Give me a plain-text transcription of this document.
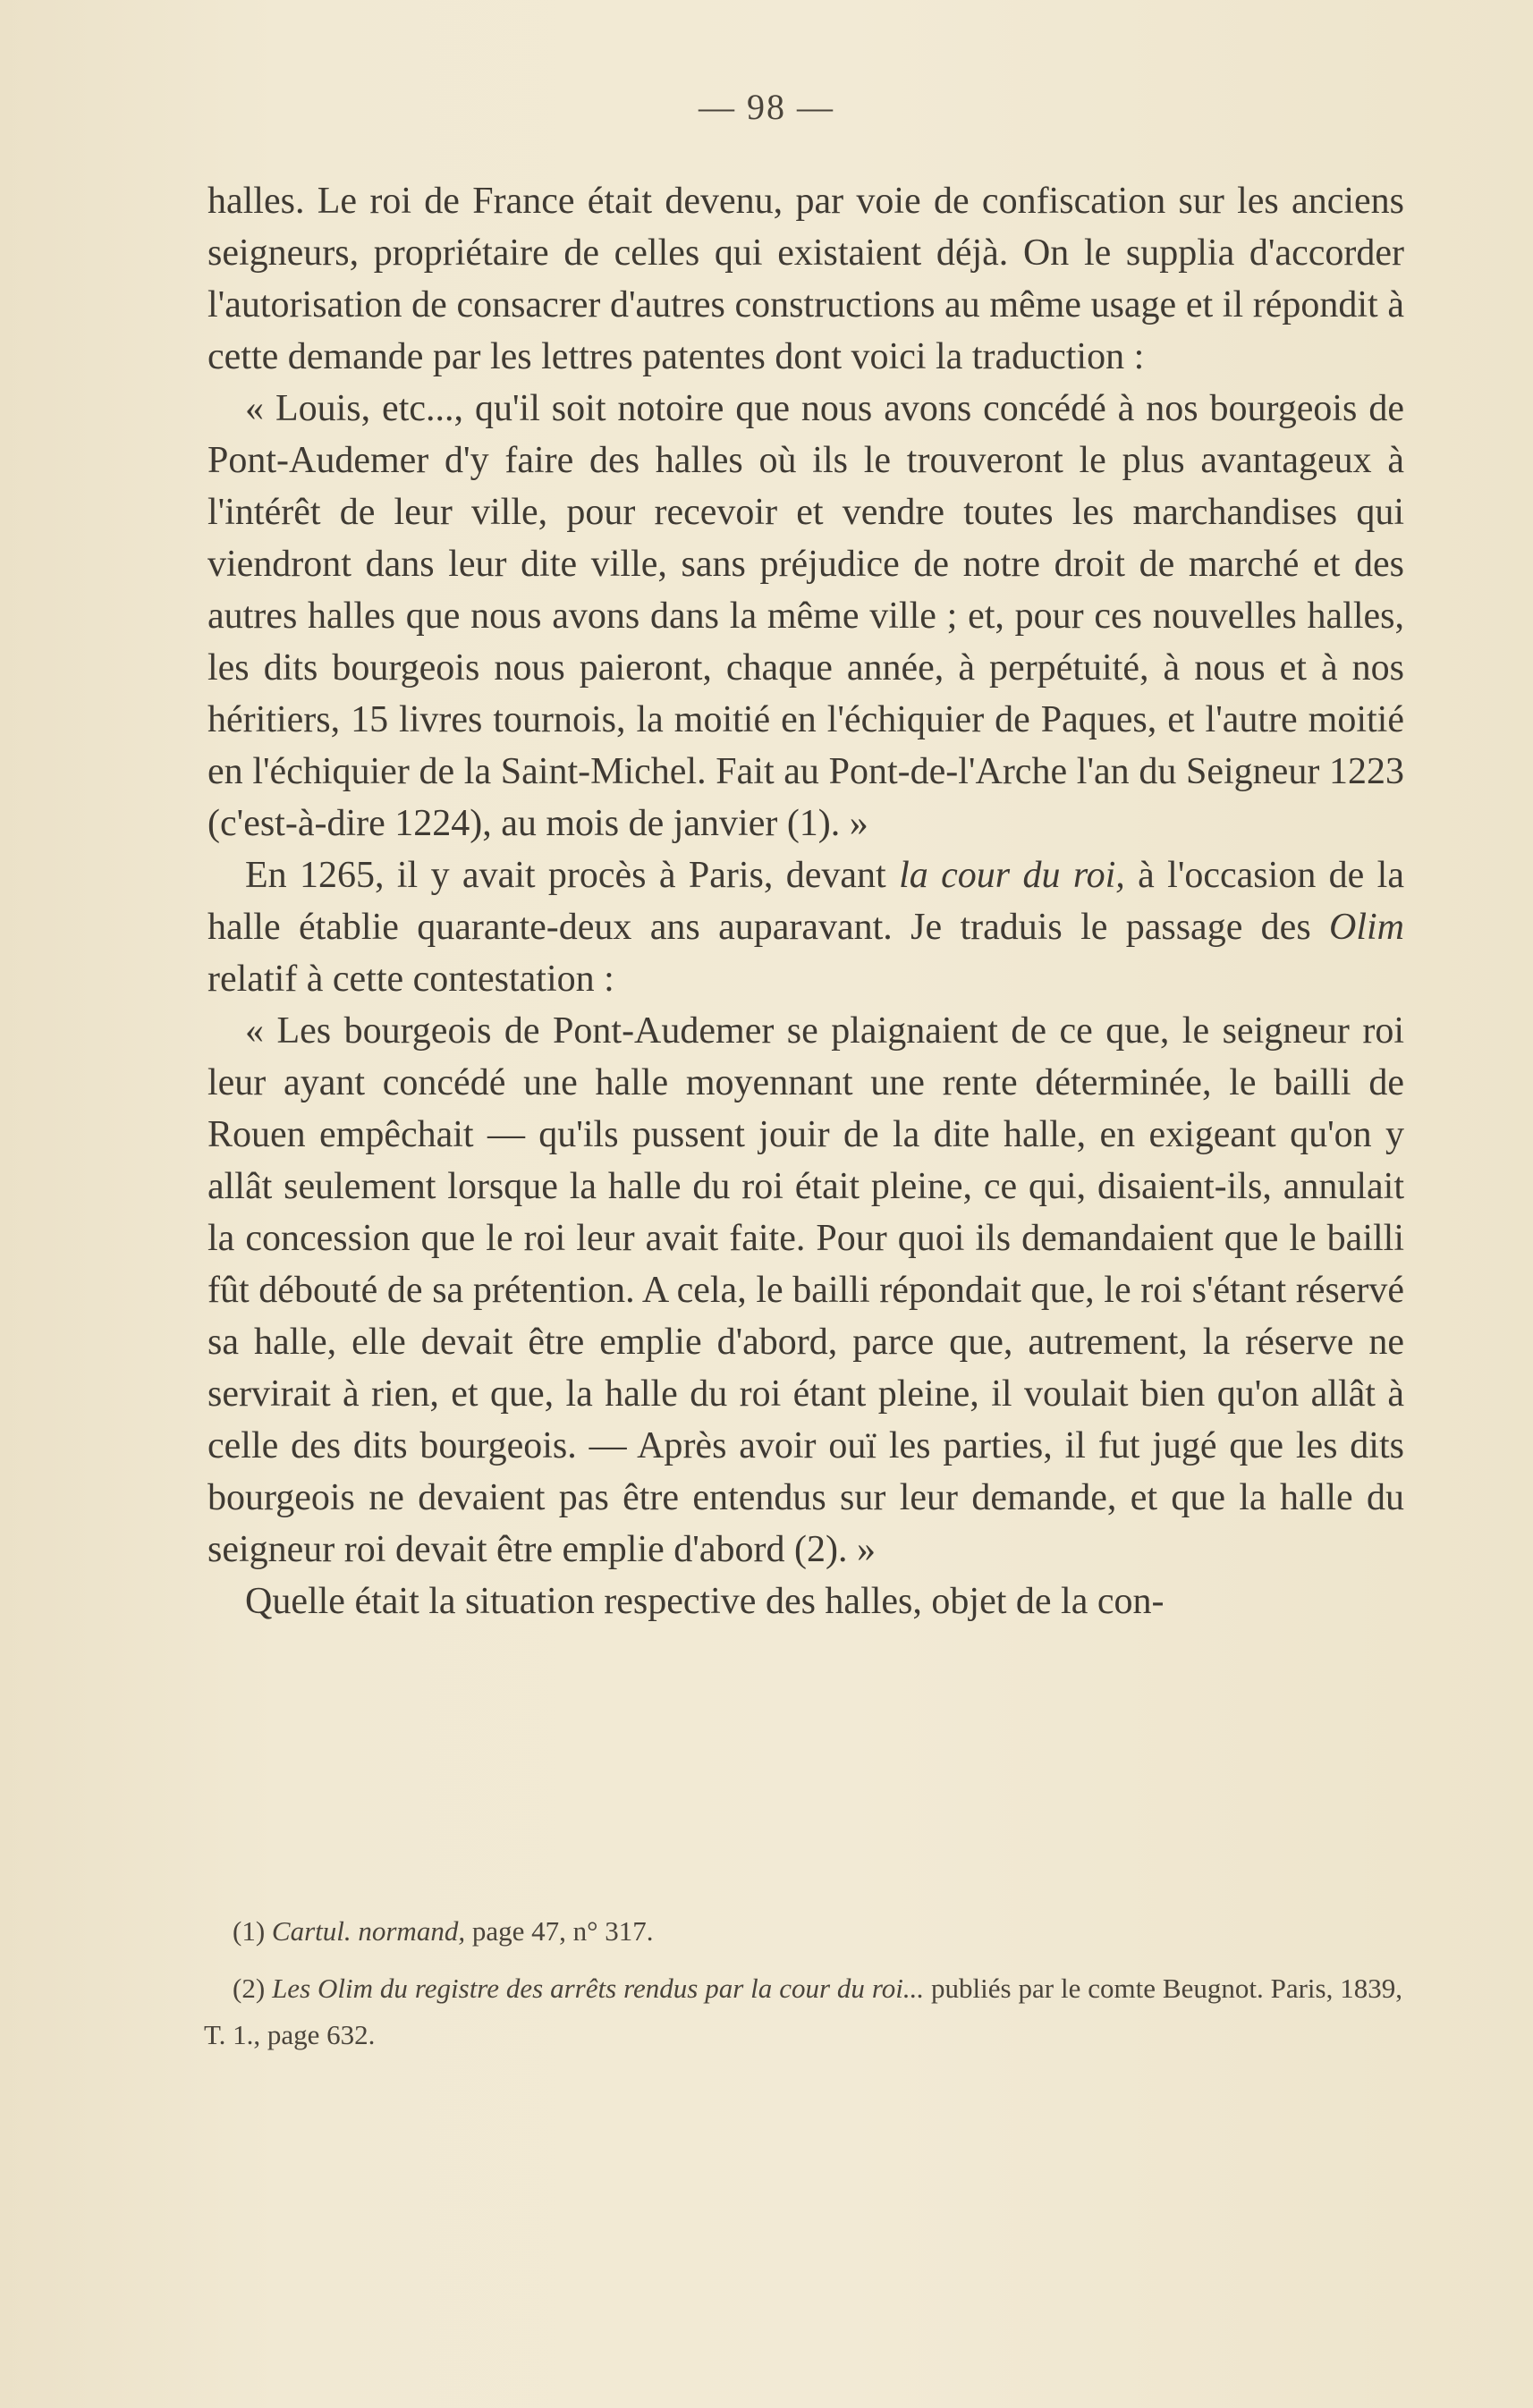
— 98 —

halles. Le roi de France était devenu, par voie de confiscation sur les anciens seigneurs, propriétaire de celles qui existaient déjà. On le supplia d'accorder l'autorisation de consacrer d'autres constructions au même usage et il répondit à cette demande par les lettres patentes dont voici la traduction :

« Louis, etc..., qu'il soit notoire que nous avons concédé à nos bourgeois de Pont-Audemer d'y faire des halles où ils le trouveront le plus avantageux à l'intérêt de leur ville, pour recevoir et vendre toutes les marchandises qui viendront dans leur dite ville, sans préjudice de notre droit de marché et des autres halles que nous avons dans la même ville ; et, pour ces nouvelles halles, les dits bourgeois nous paieront, chaque année, à perpétuité, à nous et à nos héritiers, 15 livres tournois, la moitié en l'échiquier de Paques, et l'autre moitié en l'échiquier de la Saint-Michel. Fait au Pont-de-l'Arche l'an du Seigneur 1223 (c'est-à-dire 1224), au mois de janvier (1). »

En 1265, il y avait procès à Paris, devant la cour du roi, à l'occasion de la halle établie quarante-deux ans auparavant. Je traduis le passage des Olim relatif à cette contestation :

« Les bourgeois de Pont-Audemer se plaignaient de ce que, le seigneur roi leur ayant concédé une halle moyennant une rente déterminée, le bailli de Rouen empêchait — qu'ils pussent jouir de la dite halle, en exigeant qu'on y allât seulement lorsque la halle du roi était pleine, ce qui, disaient-ils, annulait la concession que le roi leur avait faite. Pour quoi ils demandaient que le bailli fût débouté de sa prétention. A cela, le bailli répondait que, le roi s'étant réservé sa halle, elle devait être emplie d'abord, parce que, autrement, la réserve ne servirait à rien, et que, la halle du roi étant pleine, il voulait bien qu'on allât à celle des dits bourgeois. — Après avoir ouï les parties, il fut jugé que les dits bourgeois ne devaient pas être entendus sur leur demande, et que la halle du seigneur roi devait être emplie d'abord (2). »

Quelle était la situation respective des halles, objet de la con-

(1) Cartul. normand, page 47, n° 317.

(2) Les Olim du registre des arrêts rendus par la cour du roi... publiés par le comte Beugnot. Paris, 1839, T. 1., page 632.
